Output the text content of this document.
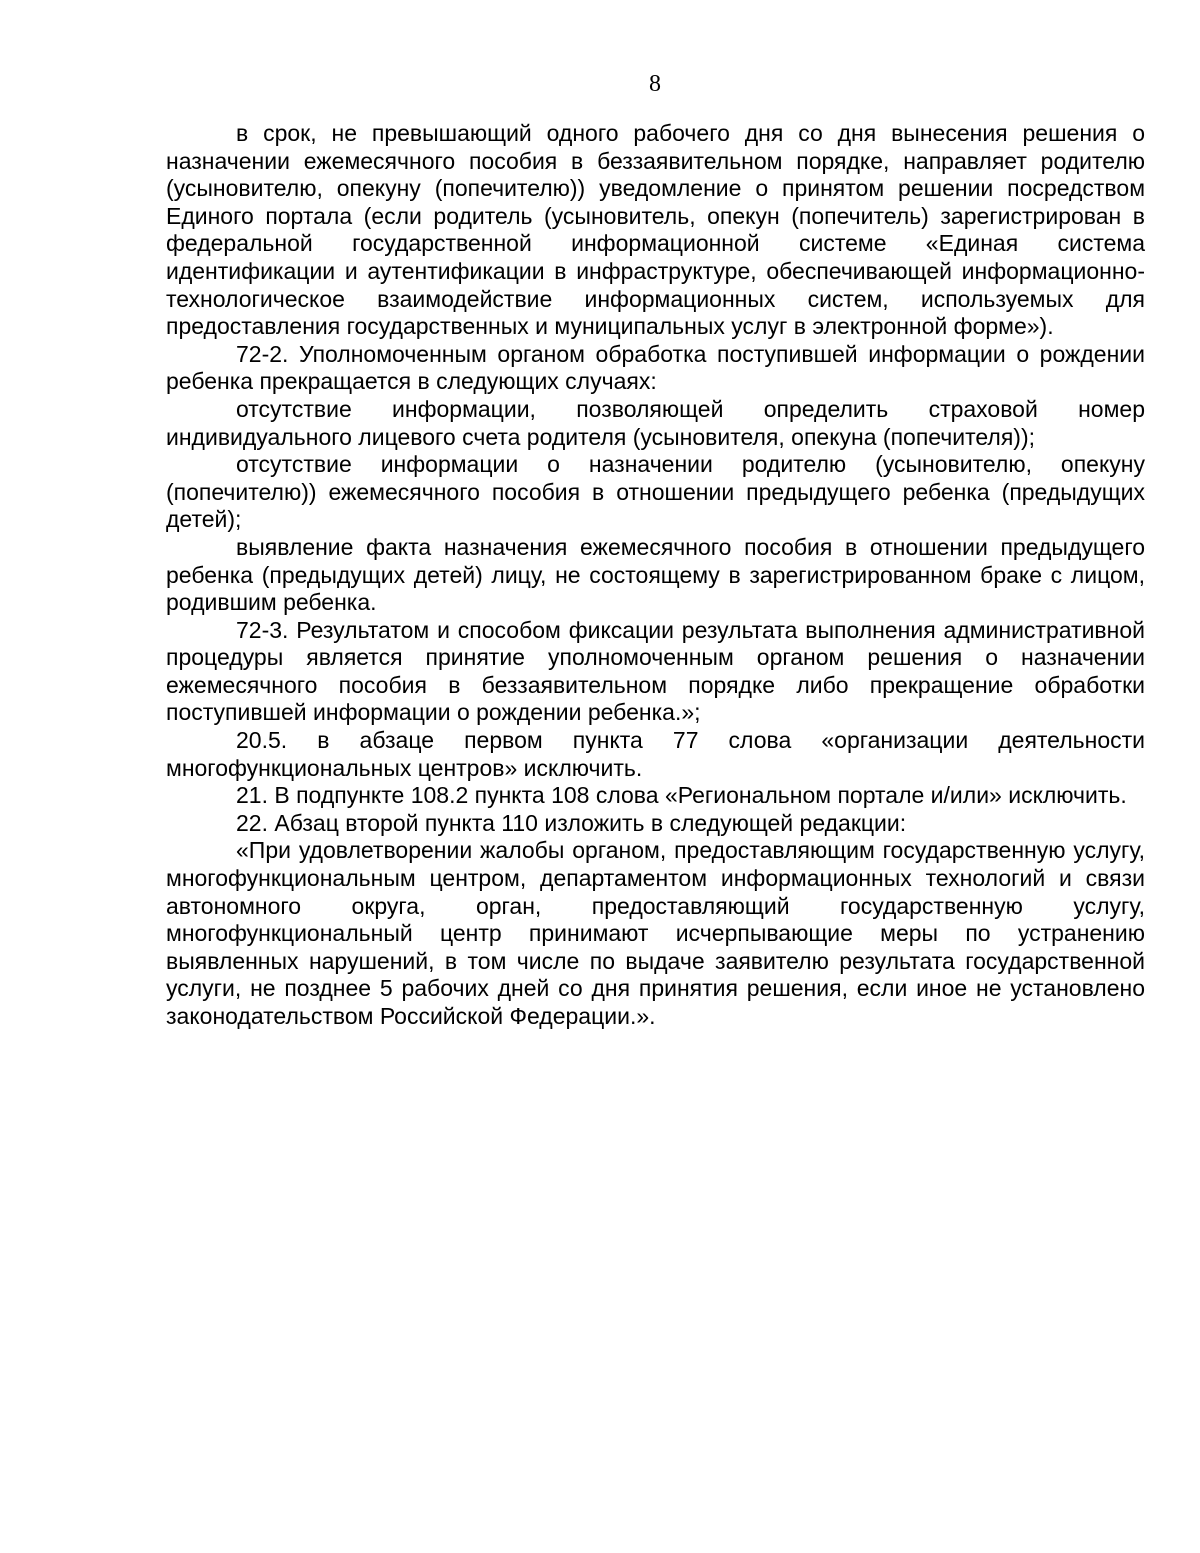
8

в срок, не превышающий одного рабочего дня со дня вынесения решения о назначении ежемесячного пособия в беззаявительном порядке, направляет родителю (усыновителю, опекуну (попечителю)) уведомление о принятом решении посредством Единого портала (если родитель (усыновитель, опекун (попечитель) зарегистрирован в федеральной государственной информационной системе «Единая система идентификации и аутентификации в инфраструктуре, обеспечивающей информационно-технологическое взаимодействие информационных систем, используемых для предоставления государственных и муниципальных услуг в электронной форме»).

72-2. Уполномоченным органом обработка поступившей информации о рождении ребенка прекращается в следующих случаях:

отсутствие информации, позволяющей определить страховой номер индивидуального лицевого счета родителя (усыновителя, опекуна (попечителя));

отсутствие информации о назначении родителю (усыновителю, опекуну (попечителю)) ежемесячного пособия в отношении предыдущего ребенка (предыдущих детей);

выявление факта назначения ежемесячного пособия в отношении предыдущего ребенка (предыдущих детей) лицу, не состоящему в зарегистрированном браке с лицом, родившим ребенка.

72-3. Результатом и способом фиксации результата выполнения административной процедуры является принятие уполномоченным органом решения о назначении ежемесячного пособия в беззаявительном порядке либо прекращение обработки поступившей информации о рождении ребенка.»;

20.5. в абзаце первом пункта 77 слова «организации деятельности многофункциональных центров» исключить.

21. В подпункте 108.2 пункта 108 слова «Региональном портале и/или» исключить.

22. Абзац второй пункта 110 изложить в следующей редакции:

«При удовлетворении жалобы органом, предоставляющим государственную услугу, многофункциональным центром, департаментом информационных технологий и связи автономного округа, орган, предоставляющий государственную услугу, многофункциональный центр принимают исчерпывающие меры по устранению выявленных нарушений, в том числе по выдаче заявителю результата государственной услуги, не позднее 5 рабочих дней со дня принятия решения, если иное не установлено законодательством Российской Федерации.».
